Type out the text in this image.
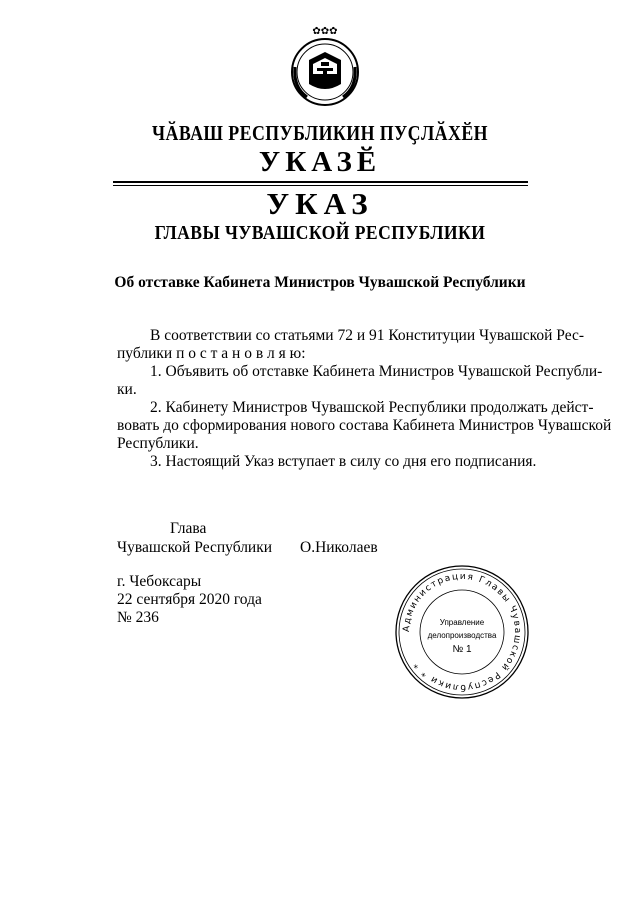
✿✿✿
ЧӐВАШ РЕСПУБЛИКИН ПУҪЛӐХӖН
УКАЗӖ
УКАЗ
ГЛАВЫ ЧУВАШСКОЙ РЕСПУБЛИКИ
Об отставке Кабинета Министров Чувашской Республики
В соответствии со статьями 72 и 91 Конституции Чувашской Рес-
публики п о с т а н о в л я ю:
1. Объявить об отставке Кабинета Министров Чувашской Республи-
ки.
2. Кабинету Министров Чувашской Республики продолжать дейст-
вовать до сформирования нового состава Кабинета Министров Чувашской
Республики.
3. Настоящий Указ вступает в силу со дня его подписания.
Глава
Чувашской Республики О.Николаев
г. Чебоксары
22 сентября 2020 года
№ 236
Администрация Главы Чувашской Республики * *
Управление
делопроизводства
№ 1
